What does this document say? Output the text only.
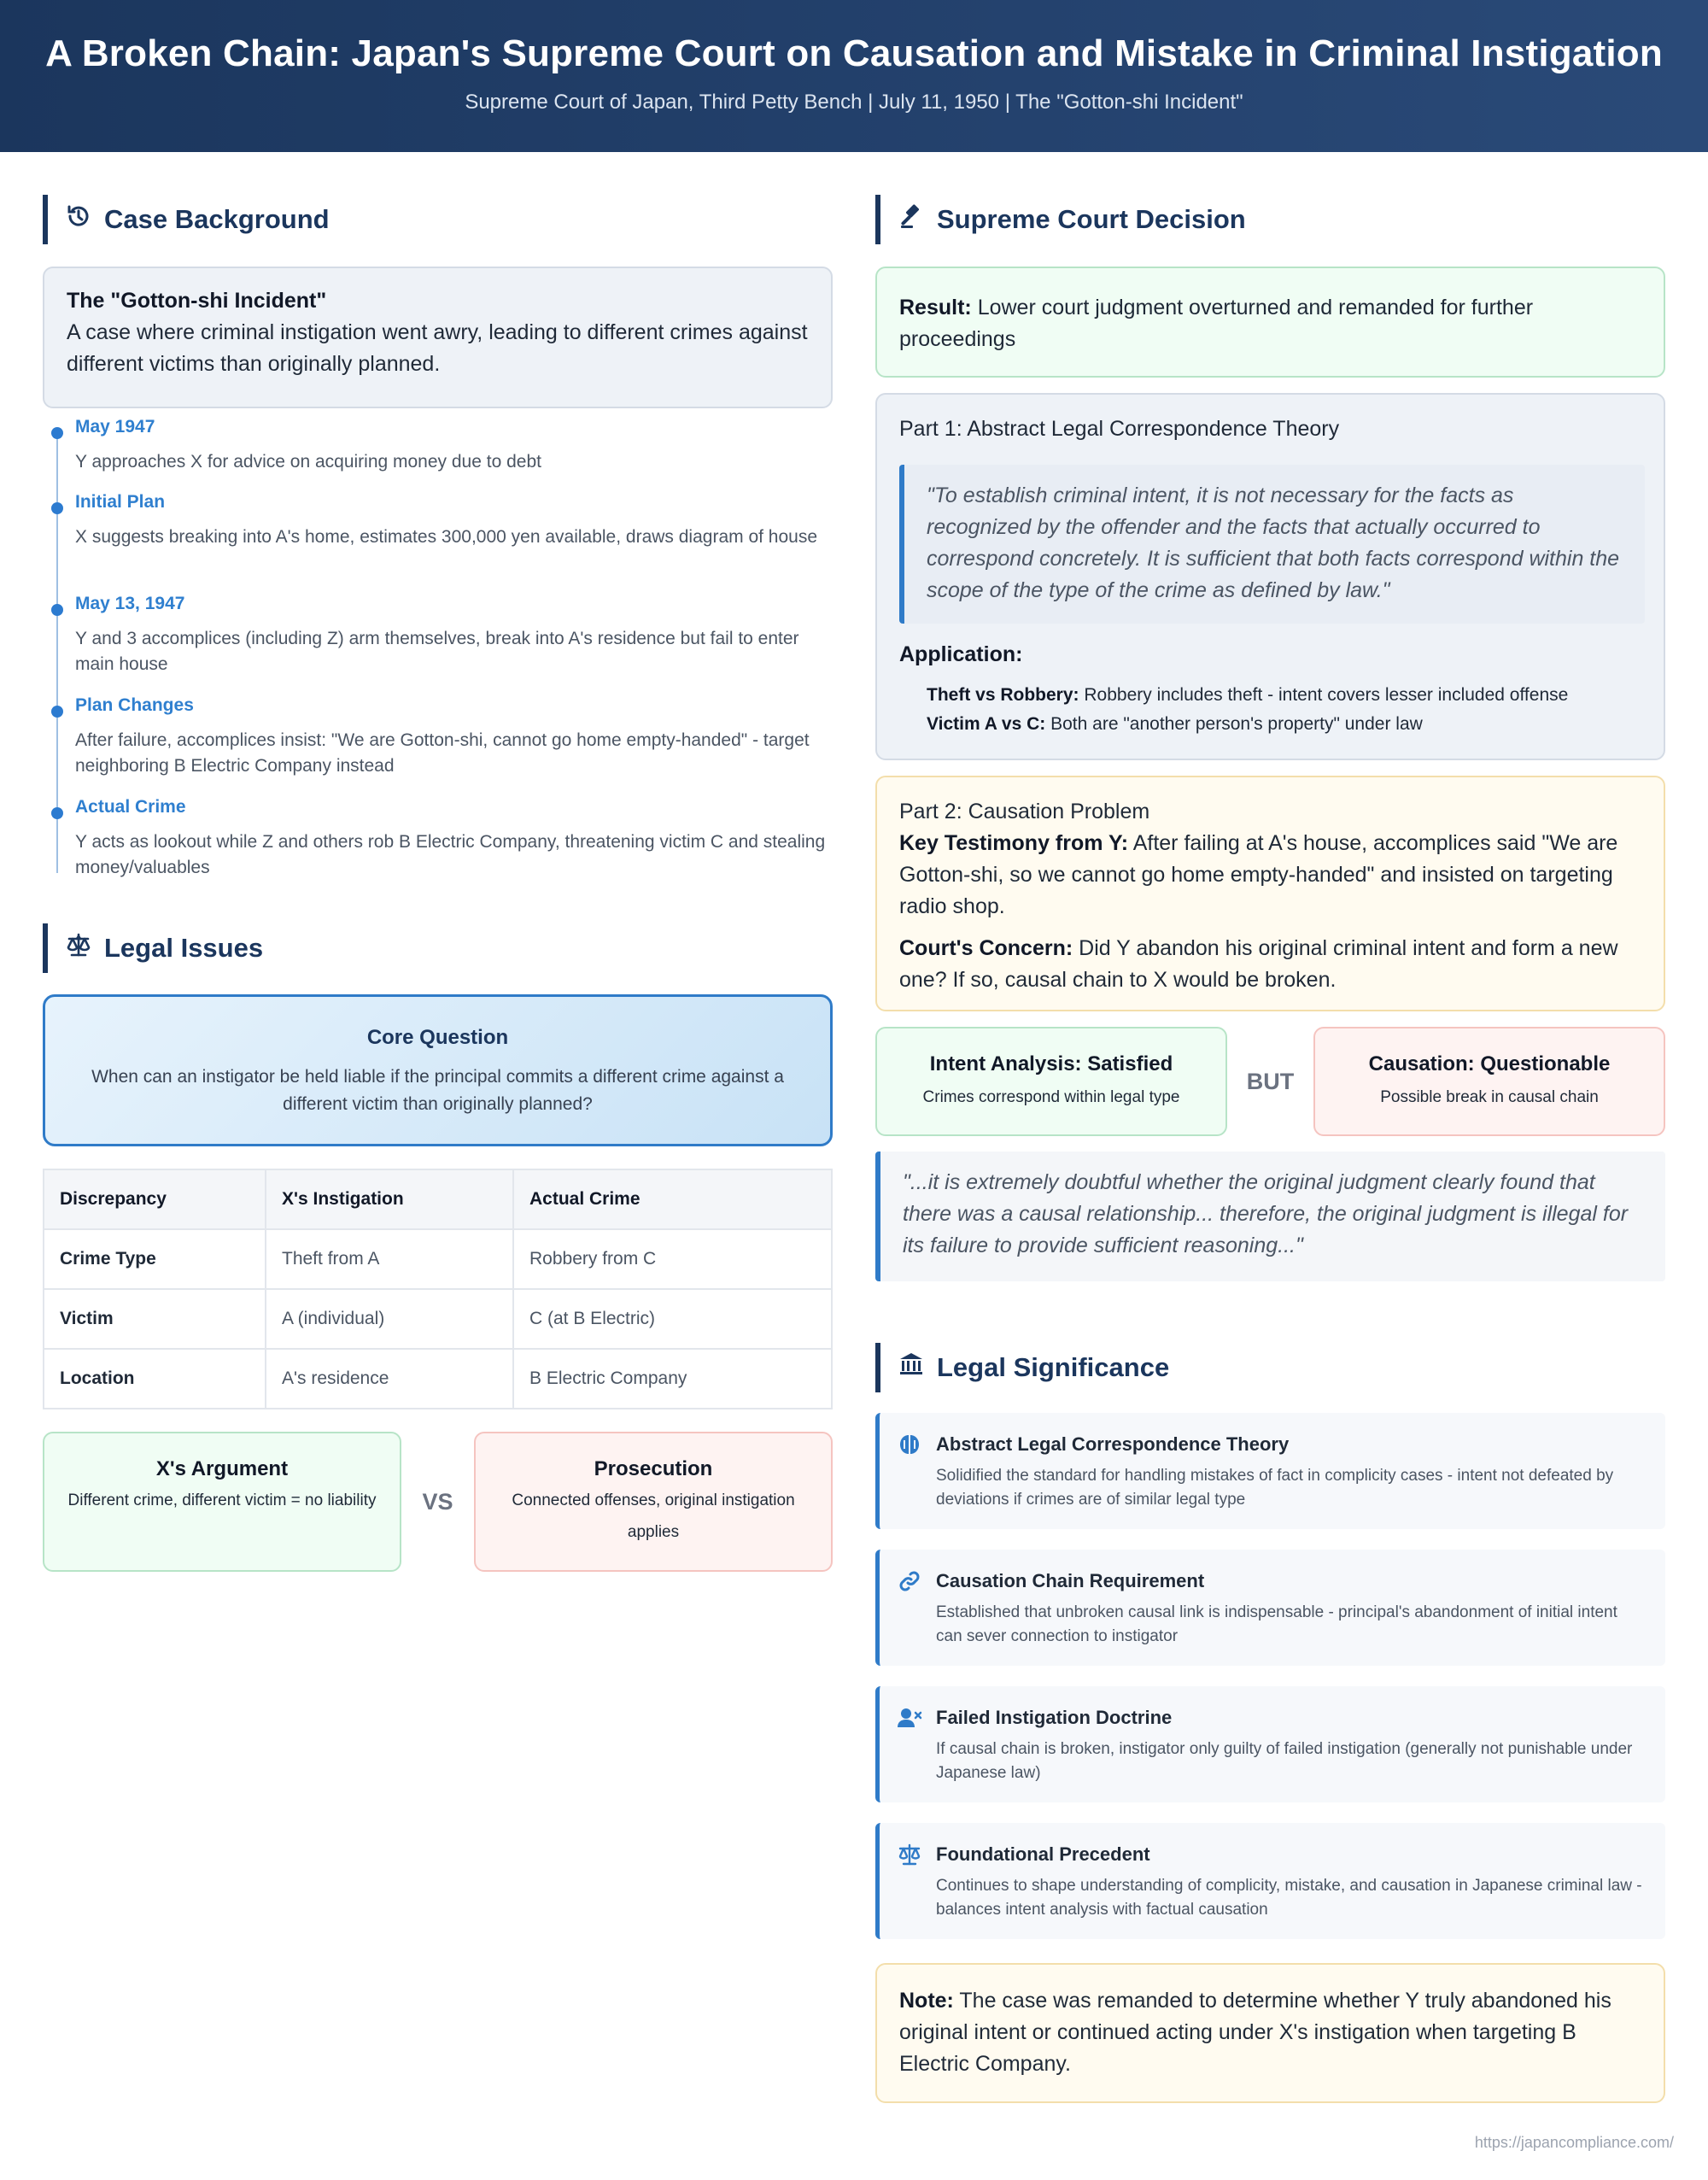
A Broken Chain: Japan's Supreme Court on Causation and Mistake in Criminal Instigation
Supreme Court of Japan, Third Petty Bench | July 11, 1950 | The "Gotton-shi Incident"
Case Background
The "Gotton-shi Incident"
A case where criminal instigation went awry, leading to different crimes against different victims than originally planned.
May 1947
Y approaches X for advice on acquiring money due to debt
Initial Plan
X suggests breaking into A's home, estimates 300,000 yen available, draws diagram of house
May 13, 1947
Y and 3 accomplices (including Z) arm themselves, break into A's residence but fail to enter main house
Plan Changes
After failure, accomplices insist: "We are Gotton-shi, cannot go home empty-handed" - target neighboring B Electric Company instead
Actual Crime
Y acts as lookout while Z and others rob B Electric Company, threatening victim C and stealing money/valuables
Legal Issues
Core Question
When can an instigator be held liable if the principal commits a different crime against a different victim than originally planned?
Discrepancy	X's Instigation	Actual Crime
Crime Type	Theft from A	Robbery from C
Victim	A (individual)	C (at B Electric)
Location	A's residence	B Electric Company
X's Argument
Different crime, different victim = no liability	VS
Prosecution
Connected offenses, original instigation applies
Supreme Court Decision
Result: Lower court judgment overturned and remanded for further proceedings
Part 1: Abstract Legal Correspondence Theory
"To establish criminal intent, it is not necessary for the facts as recognized by the offender and the facts that actually occurred to correspond concretely. It is sufficient that both facts correspond within the scope of the type of the crime as defined by law."
Application:
Theft vs Robbery: Robbery includes theft - intent covers lesser included offense
Victim A vs C: Both are "another person's property" under law
Part 2: Causation Problem
Key Testimony from Y: After failing at A's house, accomplices said "We are Gotton-shi, so we cannot go home empty-handed" and insisted on targeting radio shop.
Court's Concern: Did Y abandon his original criminal intent and form a new one? If so, causal chain to X would be broken.
Intent Analysis: Satisfied
Crimes correspond within legal type
BUT
Causation: Questionable
Possible break in causal chain
"...it is extremely doubtful whether the original judgment clearly found that there was a causal relationship... therefore, the original judgment is illegal for its failure to provide sufficient reasoning..."
Legal Significance
Abstract Legal Correspondence Theory
Solidified the standard for handling mistakes of fact in complicity cases - intent not defeated by deviations if crimes are of similar legal type
Causation Chain Requirement
Established that unbroken causal link is indispensable - principal's abandonment of initial intent can sever connection to instigator
Failed Instigation Doctrine
If causal chain is broken, instigator only guilty of failed instigation (generally not punishable under Japanese law)
Foundational Precedent
Continues to shape understanding of complicity, mistake, and causation in Japanese criminal law - balances intent analysis with factual causation
Note: The case was remanded to determine whether Y truly abandoned his original intent or continued acting under X's instigation when targeting B Electric Company.
https://japancompliance.com/
